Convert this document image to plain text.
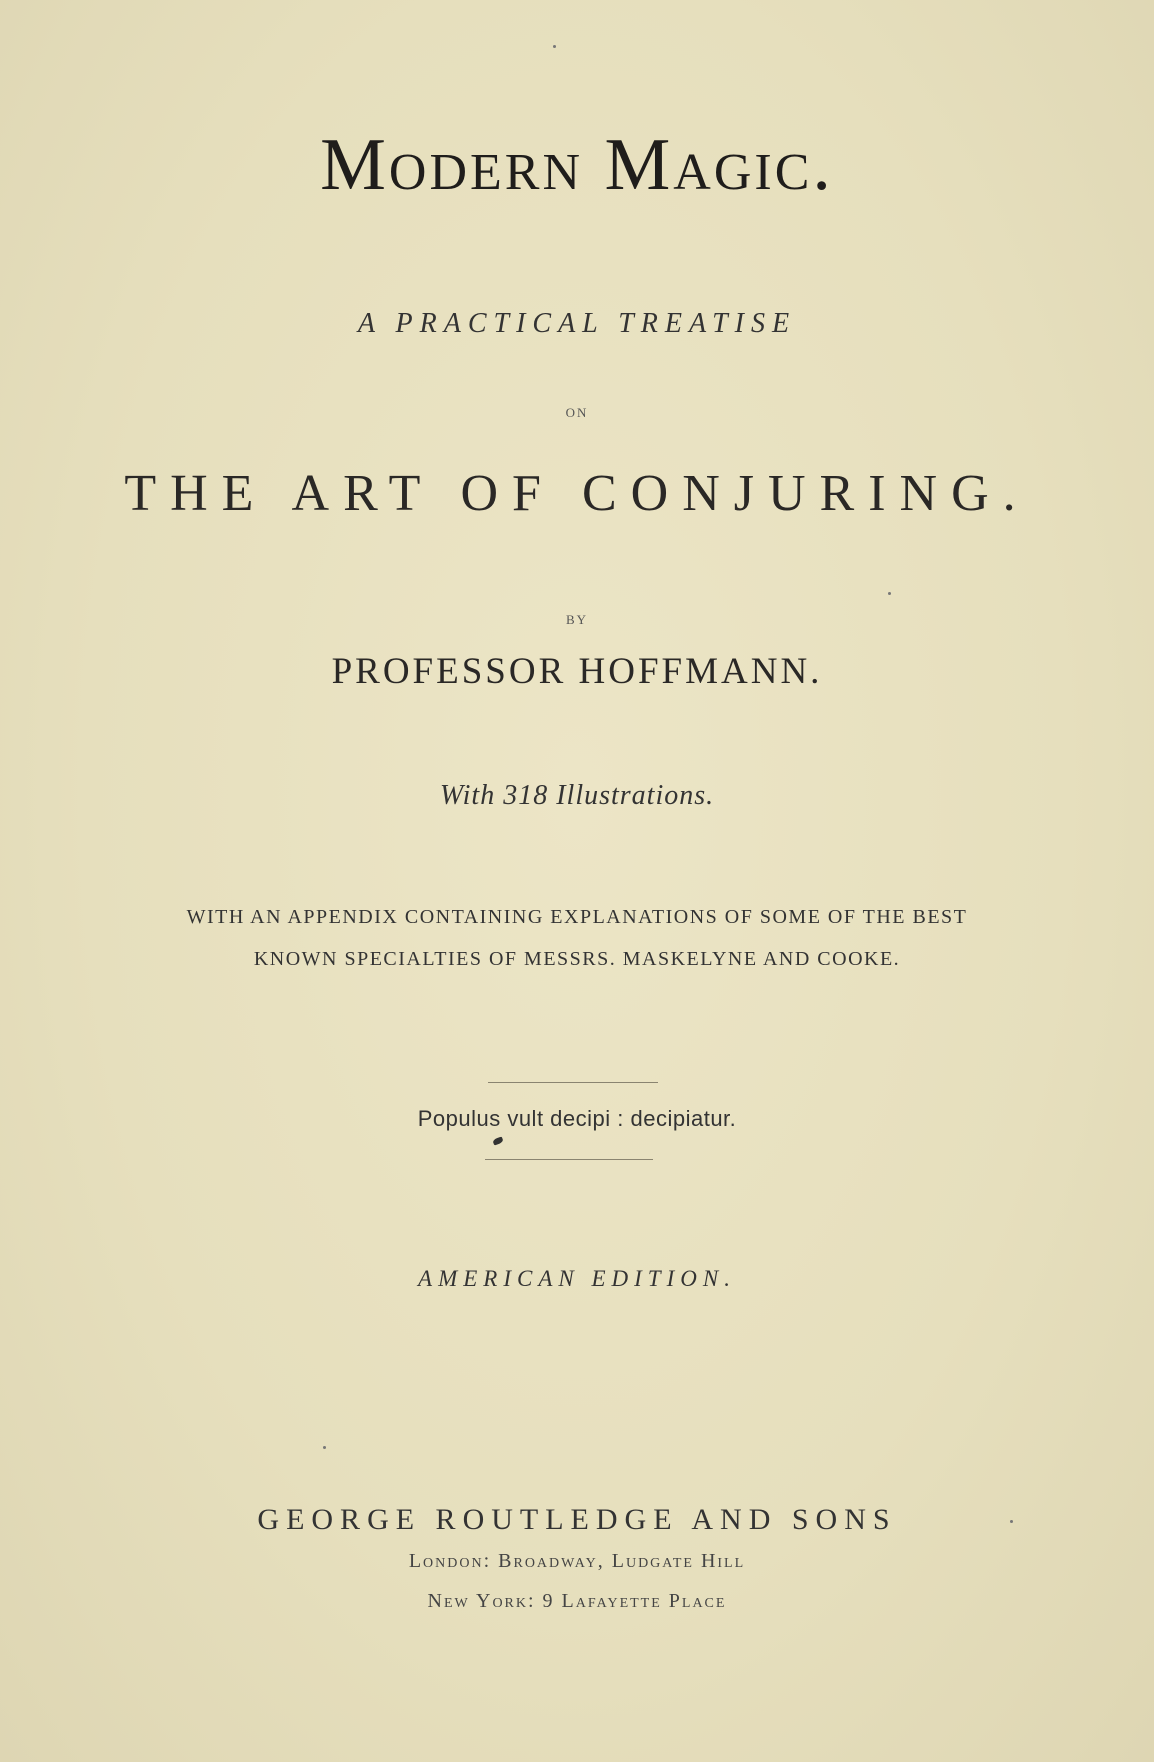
Modern Magic.
A PRACTICAL TREATISE
ON
THE ART OF CONJURING.
BY
PROFESSOR HOFFMANN.
With 318 Illustrations.
WITH AN APPENDIX CONTAINING EXPLANATIONS OF SOME OF THE BEST
KNOWN SPECIALTIES OF MESSRS. MASKELYNE AND COOKE.
Populus vult decipi : decipiatur.
AMERICAN EDITION.
GEORGE ROUTLEDGE AND SONS
London: Broadway, Ludgate Hill
New York: 9 Lafayette Place
